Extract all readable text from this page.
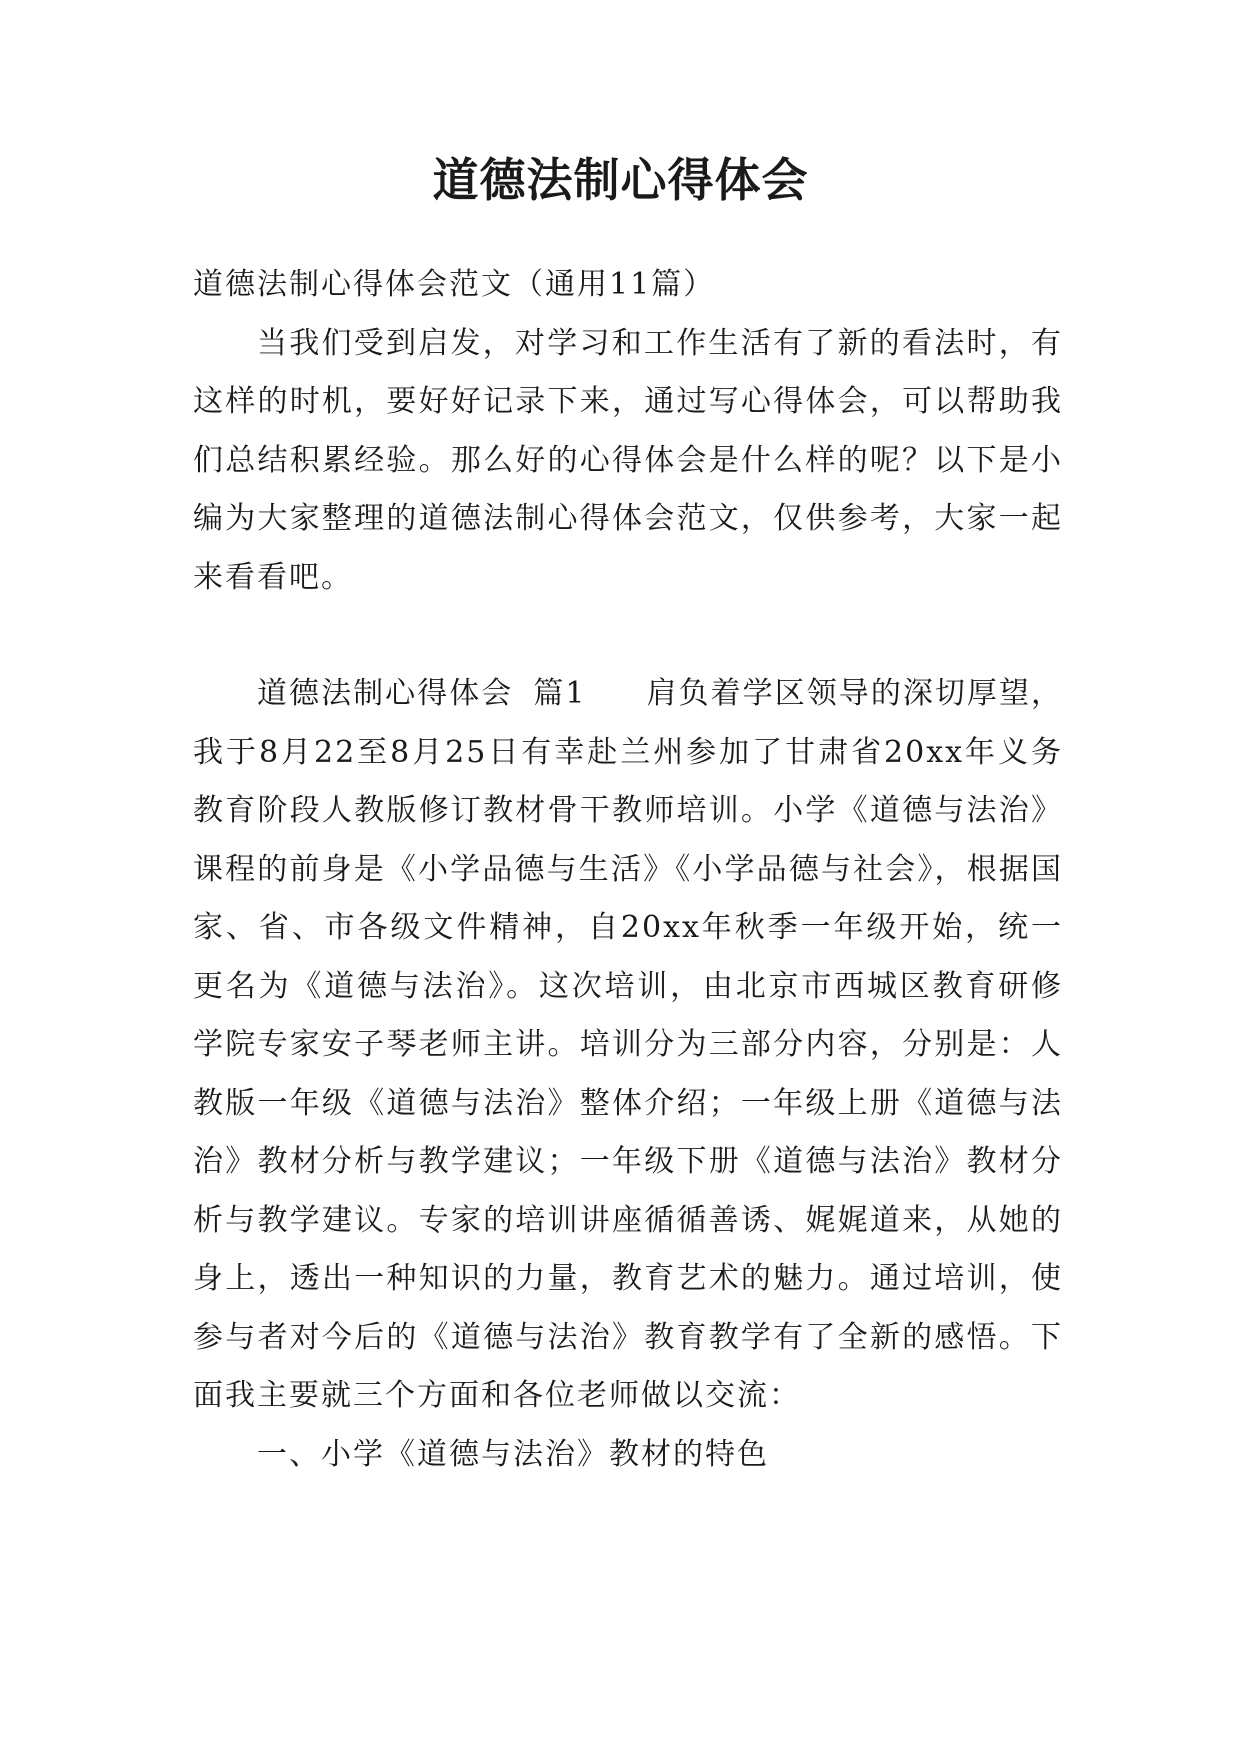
道德法制心得体会

道德法制心得体会范文（通用11篇）

当我们受到启发，对学习和工作生活有了新的看法时，有这样的时机，要好好记录下来，通过写心得体会，可以帮助我们总结积累经验。那么好的心得体会是什么样的呢？以下是小编为大家整理的道德法制心得体会范文，仅供参考，大家一起来看看吧。

道德法制心得体会 篇1 肩负着学区领导的深切厚望，我于8月22至8月25日有幸赴兰州参加了甘肃省20xx年义务教育阶段人教版修订教材骨干教师培训。小学《道德与法治》课程的前身是《小学品德与生活》《小学品德与社会》，根据国家、省、市各级文件精神，自20xx年秋季一年级开始，统一更名为《道德与法治》。这次培训，由北京市西城区教育研修学院专家安子琴老师主讲。培训分为三部分内容，分别是：人教版一年级《道德与法治》整体介绍；一年级上册《道德与法治》教材分析与教学建议；一年级下册《道德与法治》教材分析与教学建议。专家的培训讲座循循善诱、娓娓道来，从她的身上，透出一种知识的力量，教育艺术的魅力。通过培训，使参与者对今后的《道德与法治》教育教学有了全新的感悟。下面我主要就三个方面和各位老师做以交流：

一、小学《道德与法治》教材的特色
